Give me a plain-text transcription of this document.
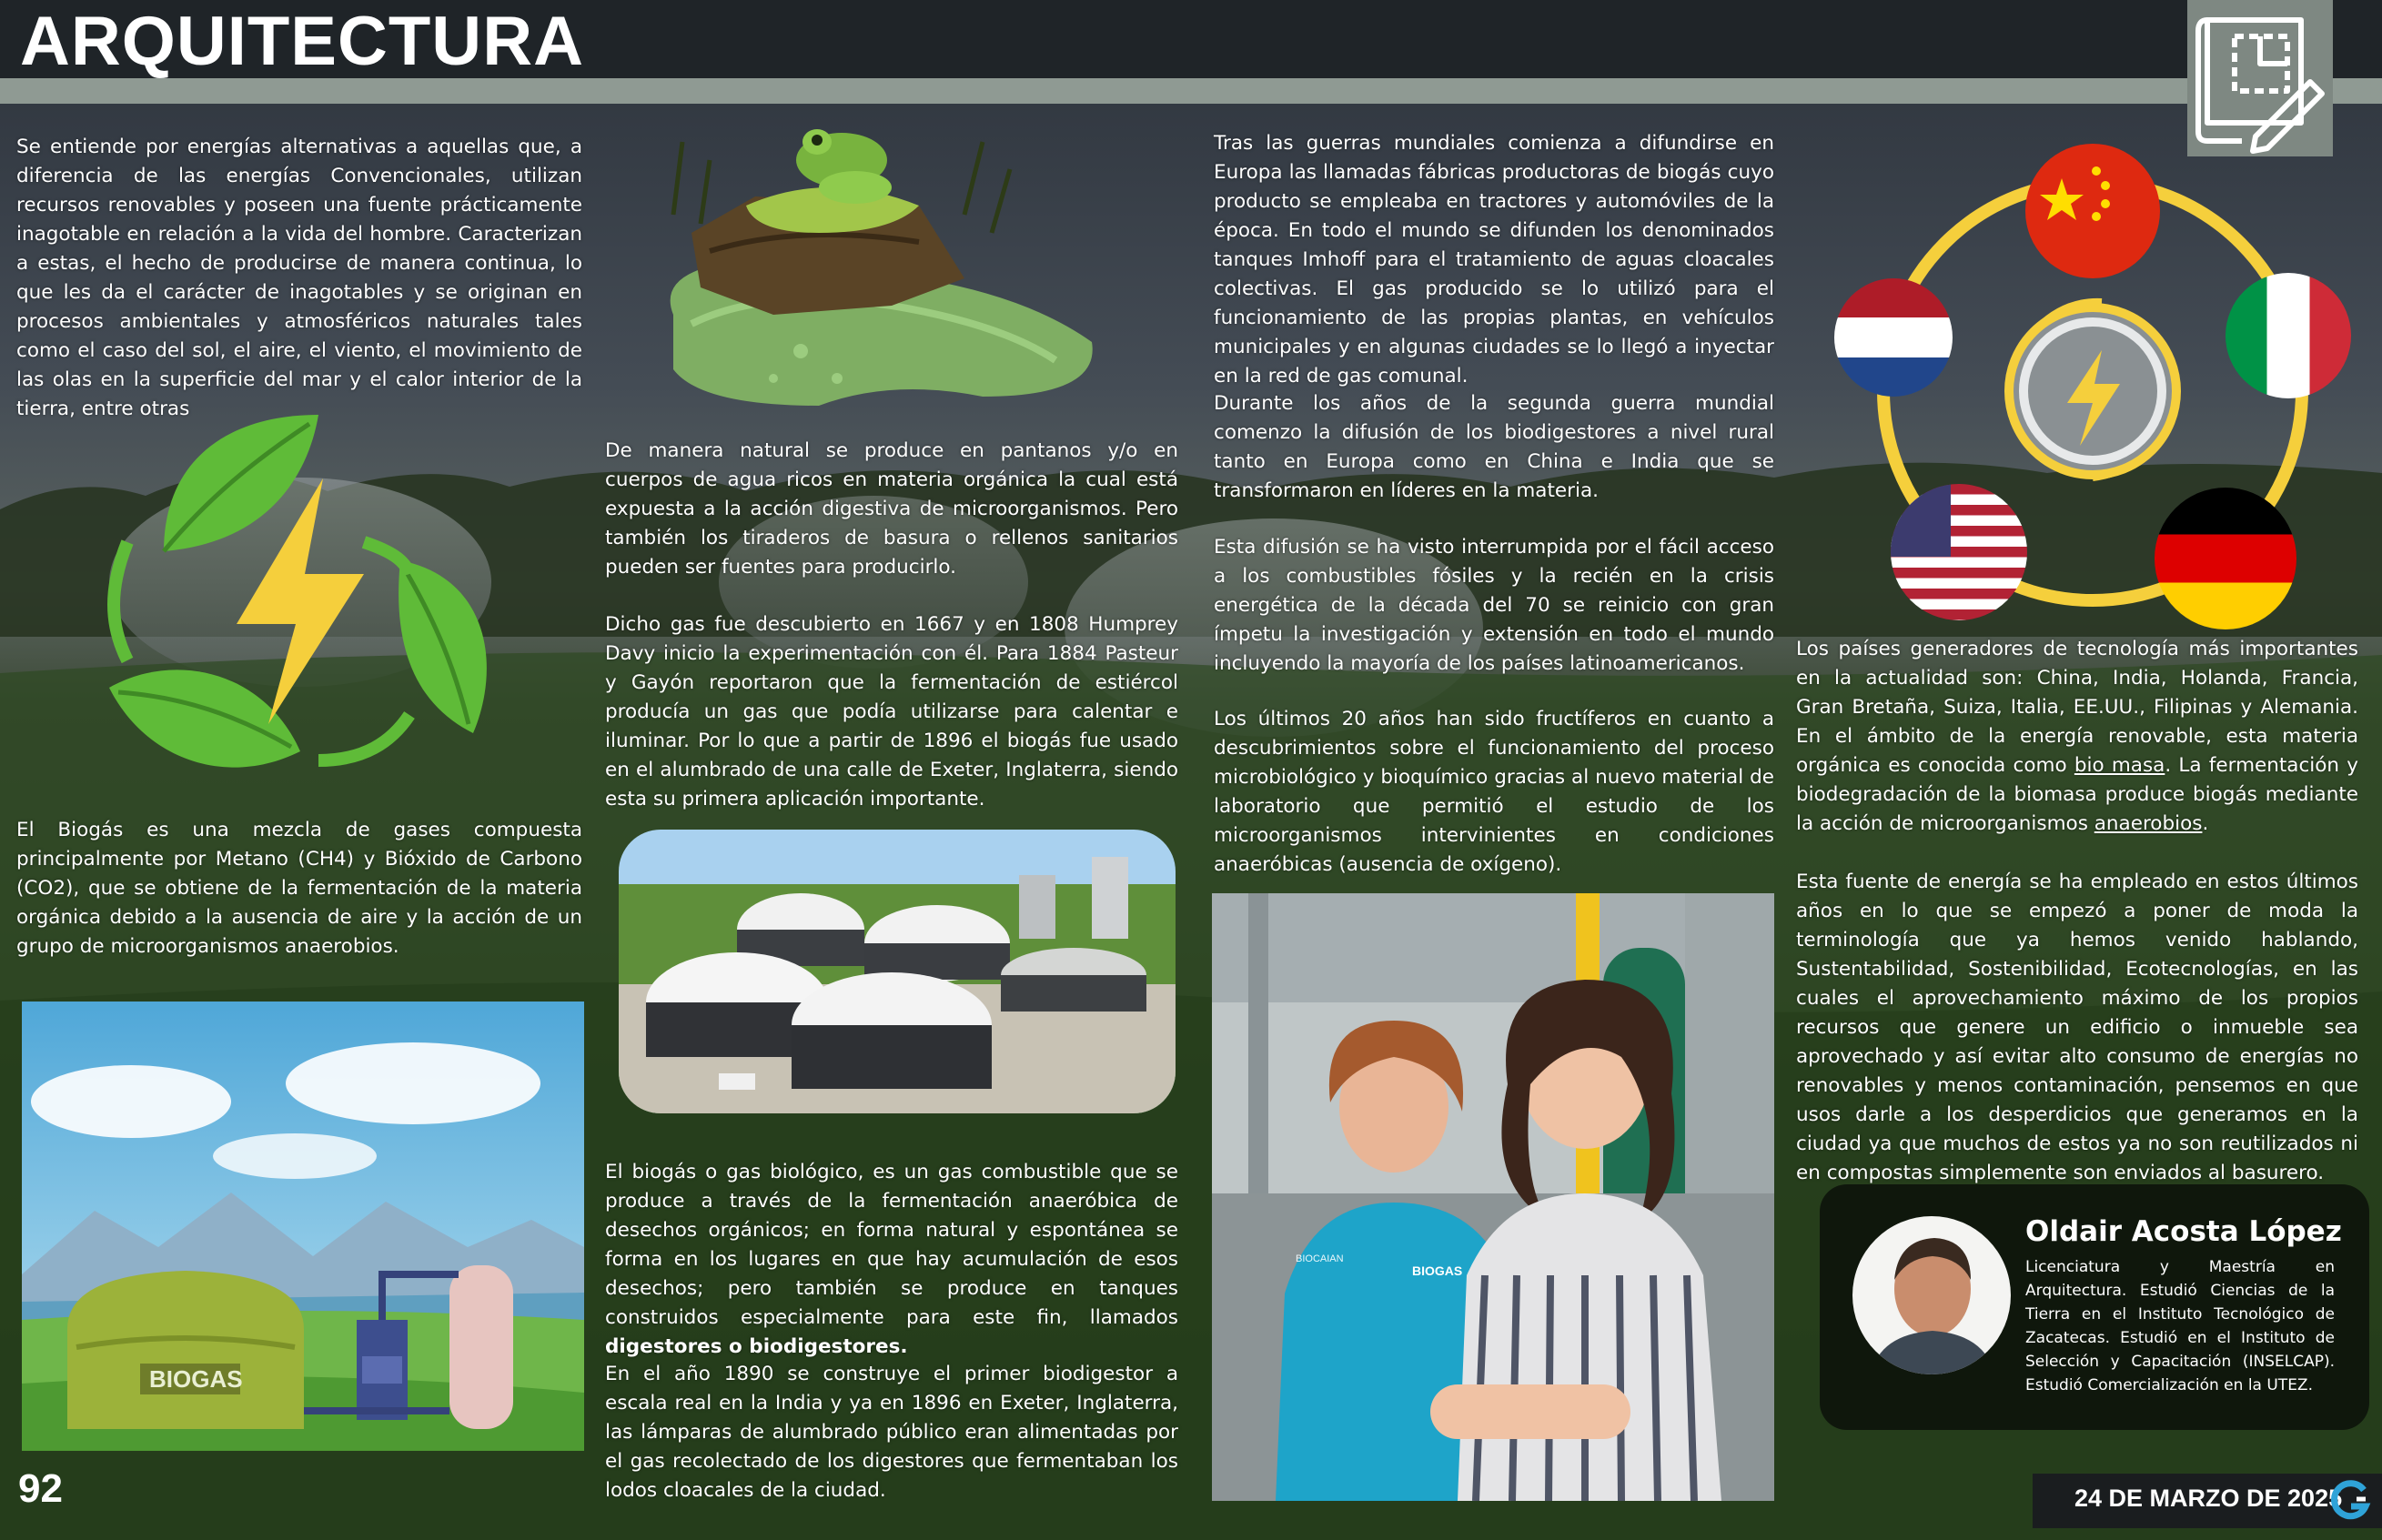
ARQUITECTURA

Se entiende por energías alternativas a aquellas que, a diferencia de las energías Convencionales, utilizan recursos renovables y poseen una fuente prácticamente inagotable en relación a la vida del hombre. Caracterizan a estas, el hecho de producirse de manera continua, lo que les da el carácter de inagotables y se originan en procesos ambientales y atmosféricos naturales tales como el caso del sol, el aire, el viento, el movimiento de las olas en la superficie del mar y el calor interior de la tierra, entre otras

El Biogás es una mezcla de gases compuesta principalmente por Metano (CH4) y Bióxido de Carbono (CO2), que se obtiene de la fermentación de la materia orgánica debido a la ausencia de aire y la acción de un grupo de microorganismos anaerobios.

BIOGAS

De manera natural se produce en pantanos y/o en cuerpos de agua ricos en materia orgánica la cual está expuesta a la acción digestiva de microorganismos. Pero también los tiraderos de basura o rellenos sanitarios pueden ser fuentes para producirlo.

Dicho gas fue descubierto en 1667 y en 1808 Humprey Davy inicio la experimentación con él. Para 1884 Pasteur y Gayón reportaron que la fermentación de estiércol producía un gas que podía utilizarse para calentar e iluminar. Por lo que a partir de 1896 el biogás fue usado en el alumbrado de una calle de Exeter, Inglaterra, siendo esta su primera aplicación importante.

El biogás o gas biológico, es un gas combustible que se produce a través de la fermentación anaeróbica de desechos orgánicos; en forma natural y espontánea se forma en los lugares en que hay acumulación de esos desechos; pero también se produce en tanques construidos especialmente para este fin, llamados digestores o biodigestores.

En el año 1890 se construye el primer biodigestor a escala real en la India y ya en 1896 en Exeter, Inglaterra, las lámparas de alumbrado público eran alimentadas por el gas recolectado de los digestores que fermentaban los lodos cloacales de la ciudad.

Tras las guerras mundiales comienza a difundirse en Europa las llamadas fábricas productoras de biogás cuyo producto se empleaba en tractores y automóviles de la época. En todo el mundo se difunden los denominados tanques Imhoff para el tratamiento de aguas cloacales colectivas. El gas producido se lo utilizó para el funcionamiento de las propias plantas, en vehículos municipales y en algunas ciudades se lo llegó a inyectar en la red de gas comunal.

Durante los años de la segunda guerra mundial comenzo la difusión de los biodigestores a nivel rural tanto en Europa como en China e India que se transformaron en líderes en la materia.

Esta difusión se ha visto interrumpida por el fácil acceso a los combustibles fósiles y la recién en la crisis energética de la década del 70 se reinicio con gran ímpetu la investigación y extensión en todo el mundo incluyendo la mayoría de los países latinoamericanos.

Los últimos 20 años han sido fructíferos en cuanto a descubrimientos sobre el funcionamiento del proceso microbiológico y bioquímico gracias al nuevo material de laboratorio que permitió el estudio de los microorganismos intervinientes en condiciones anaeróbicas (ausencia de oxígeno).

BIOGAS
BIOCAIAN

Los países generadores de tecnología más importantes en la actualidad son: China, India, Holanda, Francia, Gran Bretaña, Suiza, Italia, EE.UU., Filipinas y Alemania. En el ámbito de la energía renovable, esta materia orgánica es conocida como bio masa. La fermentación y biodegradación de la biomasa produce biogás mediante la acción de microorganismos anaerobios.

Esta fuente de energía se ha empleado en estos últimos años en lo que se empezó a poner de moda la terminología que ya hemos venido hablando, Sustentabilidad, Sostenibilidad, Ecotecnologías, en las cuales el aprovechamiento máximo de los propios recursos que genere un edificio o inmueble sea aprovechado y así evitar alto consumo de energías no renovables y menos contaminación, pensemos en que usos darle a los desperdicios que generamos en la ciudad ya que muchos de estos ya no son reutilizados ni en compostas simplemente son enviados al basurero.

Oldair Acosta López
Licenciatura y Maestría en Arquitectura. Estudió Ciencias de la Tierra en el Instituto Tecnológico de Zacatecas. Estudió en el Instituto de Selección y Capacitación (INSELCAP). Estudió Comercialización en la UTEZ.
92	24 DE MARZO DE 2025
